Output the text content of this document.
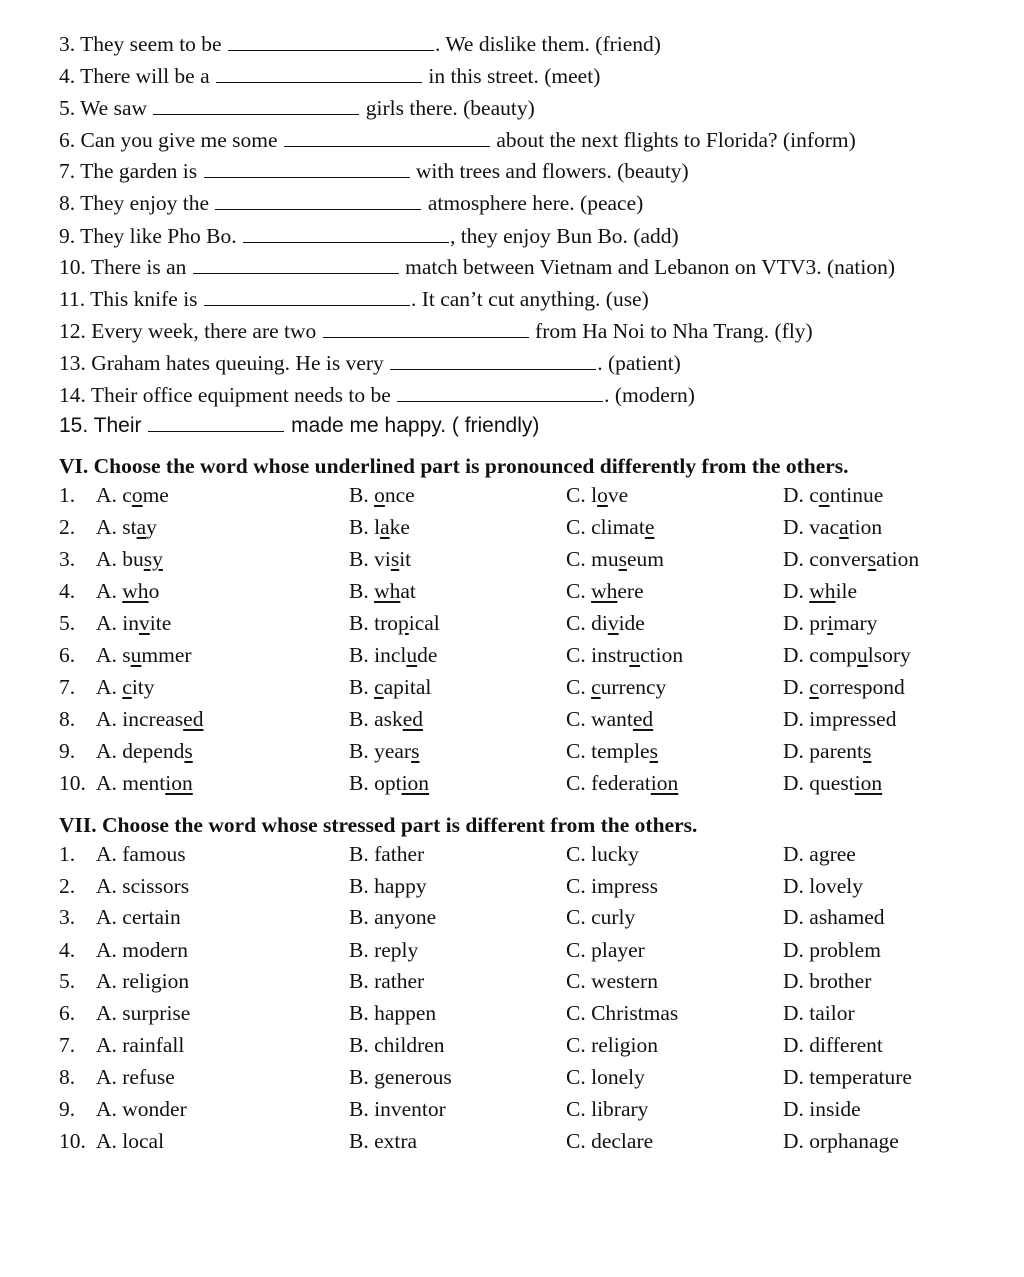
3. They seem to be	. We dislike them. (friend)
4. There will be a	in this street. (meet)
5. We saw	girls there. (beauty)
6. Can you give me some	about the next flights to Florida? (inform)
7. The garden is	with trees and flowers. (beauty)
8. They enjoy the	atmosphere here. (peace)
9. They like Pho Bo.	, they enjoy Bun Bo. (add)
10. There is an	match between Vietnam and Lebanon on VTV3. (nation)
11. This knife is	. It can’t cut anything. (use)
12. Every week, there are two	from Ha Noi to Nha Trang. (fly)
13. Graham hates queuing. He is very	. (patient)
14. Their office equipment needs to be	. (modern)
15. Their	made me happy. ( friendly)
VI. Choose the word whose underlined part is pronounced differently from the others.
1. A. come	B. once	C. love	D. continue
2. A. stay	B. lake	C. climate	D. vacation
3. A. busy	B. visit	C. museum	D. conversation
4. A. who	B. what	C. where	D. while
5. A. invite	B. tropical	C. divide	D. primary
6. A. summer	B. include	C. instruction	D. compulsory
7. A. city	B. capital	C. currency	D. correspond
8. A. increased	B. asked	C. wanted	D. impressed
9. A. depends	B. years	C. temples	D. parents
10. A. mention	B. option	C. federation	D. question
VII. Choose the word whose stressed part is different from the others.
1. A. famous	B. father	C. lucky	D. agree
2. A. scissors	B. happy	C. impress	D. lovely
3. A. certain	B. anyone	C. curly	D. ashamed
4. A. modern	B. reply	C. player	D. problem
5. A. religion	B. rather	C. western	D. brother
6. A. surprise	B. happen	C. Christmas	D. tailor
7. A. rainfall	B. children	C. religion	D. different
8. A. refuse	B. generous	C. lonely	D. temperature
9. A. wonder	B. inventor	C. library	D. inside
10. A. local	B. extra	C. declare	D. orphanage
